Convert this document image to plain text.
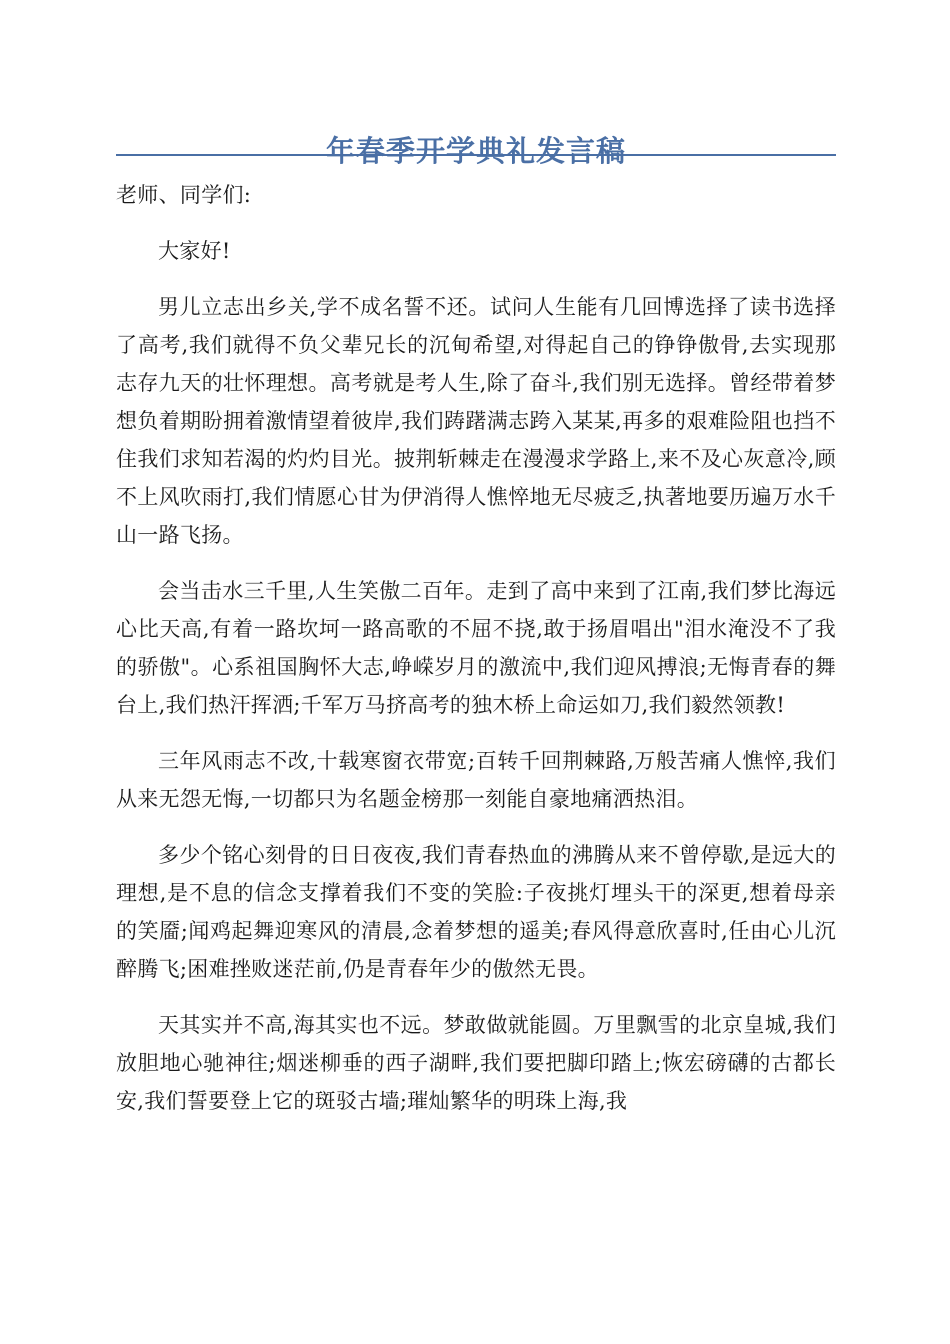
年春季开学典礼发言稿

老师、同学们:

大家好!

男儿立志出乡关,学不成名誓不还。试问人生能有几回博选择了读书选择了高考,我们就得不负父辈兄长的沉甸希望,对得起自己的铮铮傲骨,去实现那志存九天的壮怀理想。高考就是考人生,除了奋斗,我们别无选择。曾经带着梦想负着期盼拥着激情望着彼岸,我们踌躇满志跨入某某,再多的艰难险阻也挡不住我们求知若渴的灼灼目光。披荆斩棘走在漫漫求学路上,来不及心灰意冷,顾不上风吹雨打,我们情愿心甘为伊消得人憔悴地无尽疲乏,执著地要历遍万水千山一路飞扬。

会当击水三千里,人生笑傲二百年。走到了高中来到了江南,我们梦比海远心比天高,有着一路坎坷一路高歌的不屈不挠,敢于扬眉唱出"泪水淹没不了我的骄傲"。心系祖国胸怀大志,峥嵘岁月的激流中,我们迎风搏浪;无悔青春的舞台上,我们热汗挥洒;千军万马挤高考的独木桥上命运如刀,我们毅然领教!

三年风雨志不改,十载寒窗衣带宽;百转千回荆棘路,万般苦痛人憔悴,我们从来无怨无悔,一切都只为名题金榜那一刻能自豪地痛洒热泪。

多少个铭心刻骨的日日夜夜,我们青春热血的沸腾从来不曾停歇,是远大的理想,是不息的信念支撑着我们不变的笑脸:子夜挑灯埋头干的深更,想着母亲的笑靥;闻鸡起舞迎寒风的清晨,念着梦想的遥美;春风得意欣喜时,任由心儿沉醉腾飞;困难挫败迷茫前,仍是青春年少的傲然无畏。

天其实并不高,海其实也不远。梦敢做就能圆。万里飘雪的北京皇城,我们放胆地心驰神往;烟迷柳垂的西子湖畔,我们要把脚印踏上;恢宏磅礴的古都长安,我们誓要登上它的斑驳古墙;璀灿繁华的明珠上海,我
